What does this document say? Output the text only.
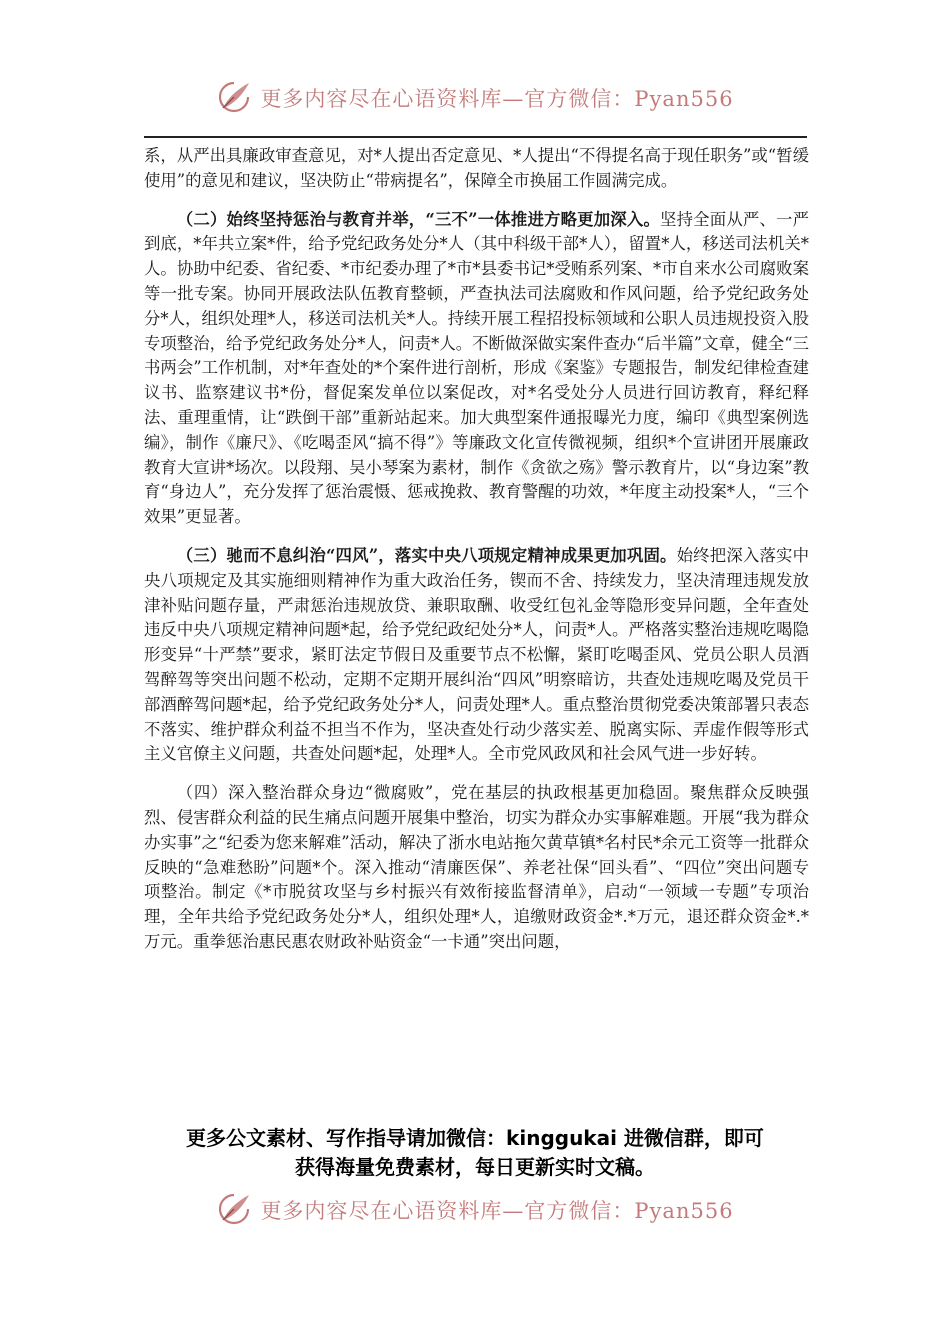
更多内容尽在心语资料库—官方微信：Pyan556

系，从严出具廉政审查意见，对*人提出否定意见、*人提出“不得提名高于现任职务”或“暂缓使用”的意见和建议，坚决防止“带病提名”，保障全市换届工作圆满完成。

（二）始终坚持惩治与教育并举，“三不”一体推进方略更加深入。坚持全面从严、一严到底，*年共立案*件，给予党纪政务处分*人（其中科级干部*人），留置*人，移送司法机关*人。协助中纪委、省纪委、*市纪委办理了*市*县委书记*受贿系列案、*市自来水公司腐败案等一批专案。协同开展政法队伍教育整顿，严查执法司法腐败和作风问题，给予党纪政务处分*人，组织处理*人，移送司法机关*人。持续开展工程招投标领域和公职人员违规投资入股专项整治，给予党纪政务处分*人，问责*人。不断做深做实案件查办“后半篇”文章，健全“三书两会”工作机制，对*年查处的*个案件进行剖析，形成《案鉴》专题报告，制发纪律检查建议书、监察建议书*份，督促案发单位以案促改，对*名受处分人员进行回访教育，释纪释法、重理重情，让“跌倒干部”重新站起来。加大典型案件通报曝光力度，编印《典型案例选编》，制作《廉尺》、《吃喝歪风“搞不得”》等廉政文化宣传微视频，组织*个宣讲团开展廉政教育大宣讲*场次。以段翔、吴小琴案为素材，制作《贪欲之殇》警示教育片，以“身边案”教育“身边人”，充分发挥了惩治震慑、惩戒挽救、教育警醒的功效，*年度主动投案*人，“三个效果”更显著。

（三）驰而不息纠治“四风”，落实中央八项规定精神成果更加巩固。始终把深入落实中央八项规定及其实施细则精神作为重大政治任务，锲而不舍、持续发力，坚决清理违规发放津补贴问题存量，严肃惩治违规放贷、兼职取酬、收受红包礼金等隐形变异问题，全年查处违反中央八项规定精神问题*起，给予党纪政纪处分*人，问责*人。严格落实整治违规吃喝隐形变异“十严禁”要求，紧盯法定节假日及重要节点不松懈，紧盯吃喝歪风、党员公职人员酒驾醉驾等突出问题不松动，定期不定期开展纠治“四风”明察暗访，共查处违规吃喝及党员干部酒醉驾问题*起，给予党纪政务处分*人，问责处理*人。重点整治贯彻党委决策部署只表态不落实、维护群众利益不担当不作为，坚决查处行动少落实差、脱离实际、弄虚作假等形式主义官僚主义问题，共查处问题*起，处理*人。全市党风政风和社会风气进一步好转。

（四）深入整治群众身边“微腐败”，党在基层的执政根基更加稳固。聚焦群众反映强烈、侵害群众利益的民生痛点问题开展集中整治，切实为群众办实事解难题。开展“我为群众办实事”之“纪委为您来解难”活动，解决了浙水电站拖欠黄草镇*名村民*余元工资等一批群众反映的“急难愁盼”问题*个。深入推动“清廉医保”、养老社保“回头看”、“四位”突出问题专项整治。制定《*市脱贫攻坚与乡村振兴有效衔接监督清单》，启动“一领域一专题”专项治理，全年共给予党纪政务处分*人，组织处理*人，追缴财政资金*.*万元，退还群众资金*.*万元。重拳惩治惠民惠农财政补贴资金“一卡通”突出问题，

更多公文素材、写作指导请加微信：kinggukai 进微信群，即可
获得海量免费素材，每日更新实时文稿。
更多内容尽在心语资料库—官方微信：Pyan556
